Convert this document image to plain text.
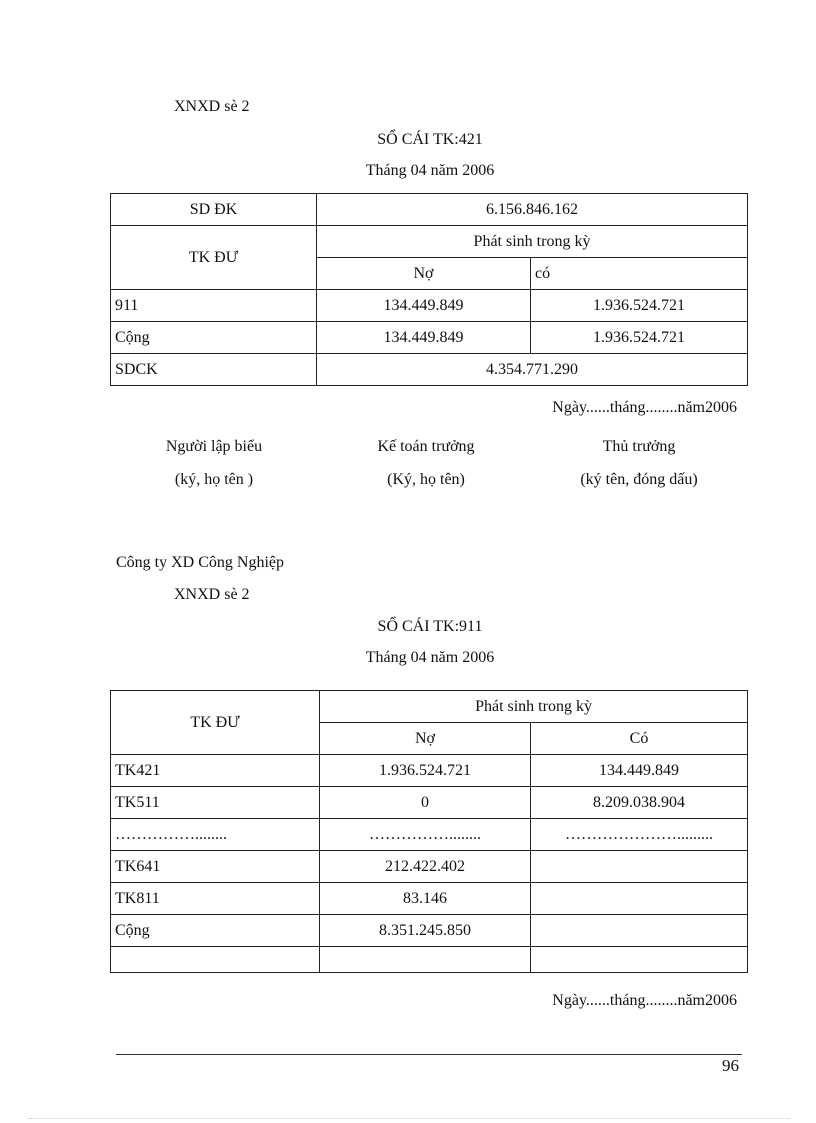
XNXD sè 2
SỔ CÁI TK:421
Tháng 04 năm 2006
SD ĐK	6.156.846.162	
TK ĐƯ	Phát sinh trong kỳ	
	Nợ	có
911	134.449.849	1.936.524.721
Cộng	134.449.849	1.936.524.721
SDCK	4.354.771.290	
Ngày......tháng........năm2006
Người lập biểu
(ký, họ tên )
Kế toán trưởng
(Ký, họ tên)
Thủ trưởng
(ký tên, đóng dấu)
Công ty XD Công Nghiệp
XNXD sè 2
SỔ CÁI TK:911
Tháng 04 năm 2006
TK ĐƯ	Phát sinh trong kỳ	
	Nợ	Có
TK421	1.936.524.721	134.449.849
TK511	0	8.209.038.904
……………........	……………........	………………….........
TK641	212.422.402	
TK811	83.146	
Cộng	8.351.245.850	

Ngày......tháng........năm2006
96
